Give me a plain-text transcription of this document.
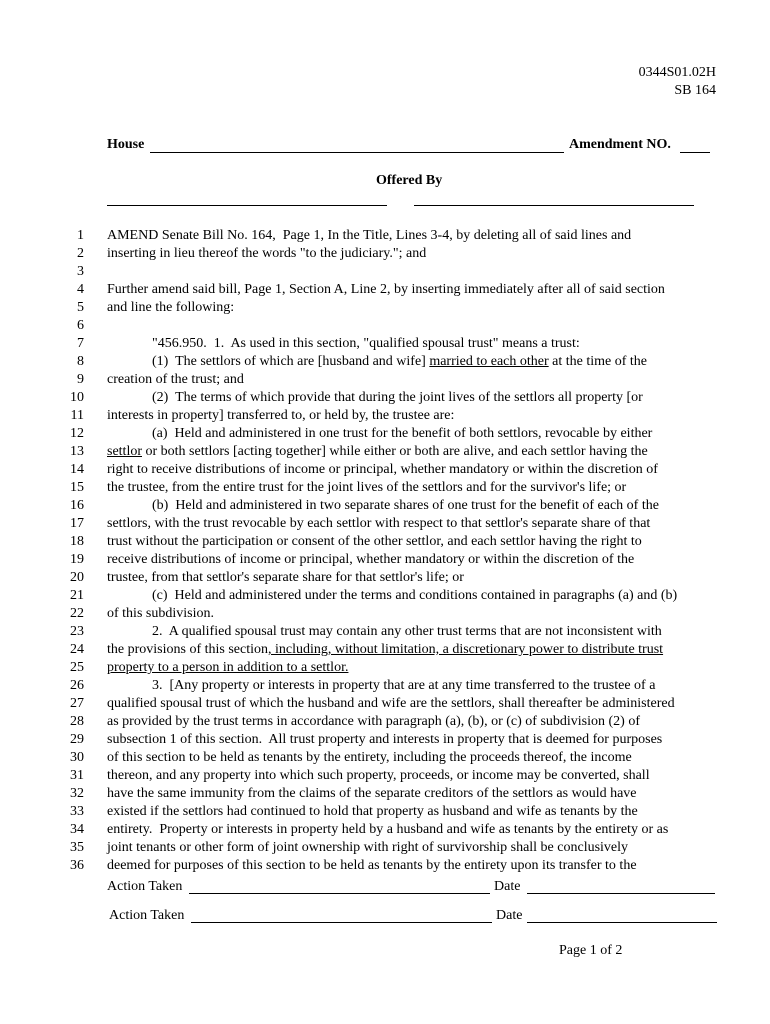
0344S01.02H
SB 164
House	Amendment NO.
Offered By
1 AMEND Senate Bill No. 164,  Page 1, In the Title, Lines 3-4, by deleting all of said lines and
2 inserting in lieu thereof the words "to the judiciary."; and
3
4 Further amend said bill, Page 1, Section A, Line 2, by inserting immediately after all of said section
5 and line the following:
6
7	"456.950.  1.  As used in this section, "qualified spousal trust" means a trust:
8	(1)  The settlors of which are [husband and wife] married to each other at the time of the
9 creation of the trust; and
10	(2)  The terms of which provide that during the joint lives of the settlors all property [or
11 interests in property] transferred to, or held by, the trustee are:
12	(a)  Held and administered in one trust for the benefit of both settlors, revocable by either
13 settlor or both settlors [acting together] while either or both are alive, and each settlor having the
14 right to receive distributions of income or principal, whether mandatory or within the discretion of
15 the trustee, from the entire trust for the joint lives of the settlors and for the survivor's life; or
16	(b)  Held and administered in two separate shares of one trust for the benefit of each of the
17 settlors, with the trust revocable by each settlor with respect to that settlor's separate share of that
18 trust without the participation or consent of the other settlor, and each settlor having the right to
19 receive distributions of income or principal, whether mandatory or within the discretion of the
20 trustee, from that settlor's separate share for that settlor's life; or
21	(c)  Held and administered under the terms and conditions contained in paragraphs (a) and (b)
22 of this subdivision.
23	2.  A qualified spousal trust may contain any other trust terms that are not inconsistent with
24 the provisions of this section, including, without limitation, a discretionary power to distribute trust
25 property to a person in addition to a settlor.
26	3.  [Any property or interests in property that are at any time transferred to the trustee of a
27 qualified spousal trust of which the husband and wife are the settlors, shall thereafter be administered
28 as provided by the trust terms in accordance with paragraph (a), (b), or (c) of subdivision (2) of
29 subsection 1 of this section.  All trust property and interests in property that is deemed for purposes
30 of this section to be held as tenants by the entirety, including the proceeds thereof, the income
31 thereon, and any property into which such property, proceeds, or income may be converted, shall
32 have the same immunity from the claims of the separate creditors of the settlors as would have
33 existed if the settlors had continued to hold that property as husband and wife as tenants by the
34 entirety.  Property or interests in property held by a husband and wife as tenants by the entirety or as
35 joint tenants or other form of joint ownership with right of survivorship shall be conclusively
36 deemed for purposes of this section to be held as tenants by the entirety upon its transfer to the
Action Taken	Date
Action Taken	Date
Page 1 of 2
